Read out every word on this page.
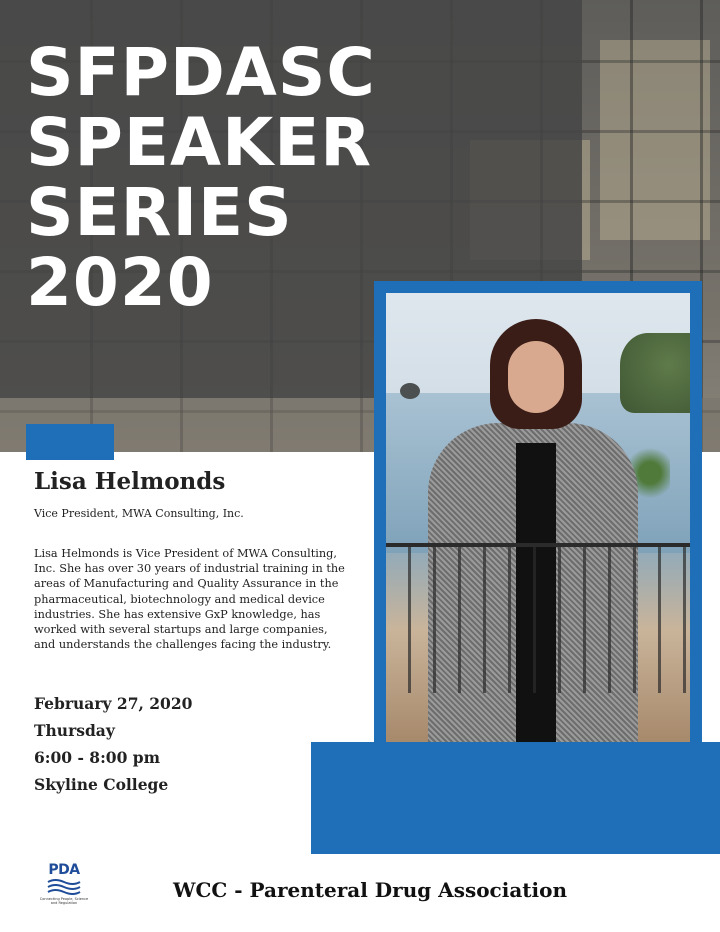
SFPDASC
SPEAKER
SERIES
2020
Lisa Helmonds

Vice President, MWA Consulting, Inc.

Lisa Helmonds is Vice President of MWA Consulting, Inc. She has over 30 years of industrial training in the areas of Manufacturing and Quality Assurance in the pharmaceutical, biotechnology and medical device industries. She has extensive GxP knowledge, has worked with several startups and large companies, and understands the challenges facing the industry.

February 27, 2020
Thursday
6:00 - 8:00 pm
Skyline College

PDA

Connecting People, Science and Regulation

WCC - Parenteral Drug Association
